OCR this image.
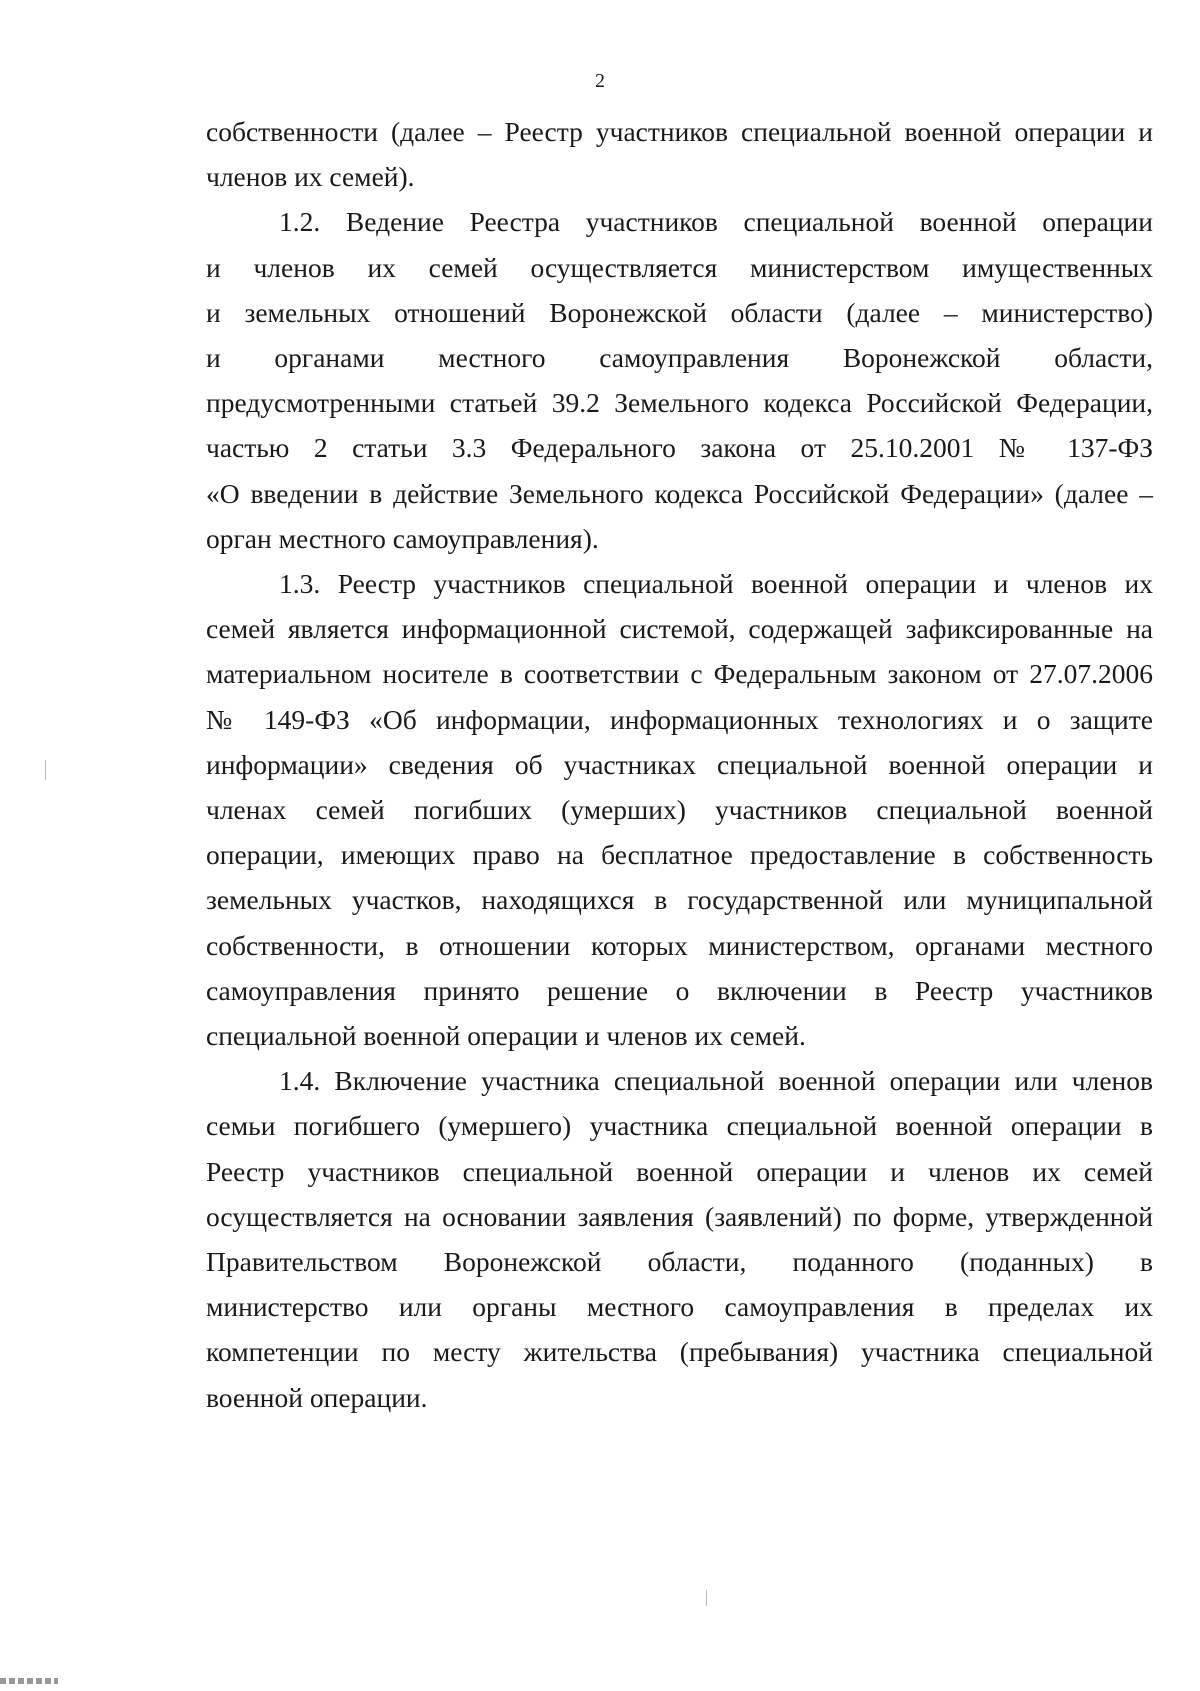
2
собственности (далее – Реестр участников специальной военной операции и
членов их семей).
1.2. Ведение Реестра участников специальной военной операции
и членов их семей осуществляется министерством имущественных
и земельных отношений Воронежской области (далее – министерство)
и органами местного самоуправления Воронежской области,
предусмотренными статьей 39.2 Земельного кодекса Российской Федерации,
частью 2 статьи 3.3 Федерального закона от 25.10.2001 № 137-ФЗ
«О введении в действие Земельного кодекса Российской Федерации» (далее –
орган местного самоуправления).
1.3. Реестр участников специальной военной операции и членов их
семей является информационной системой, содержащей зафиксированные на
материальном носителе в соответствии с Федеральным законом от 27.07.2006
№ 149-ФЗ «Об информации, информационных технологиях и о защите
информации» сведения об участниках специальной военной операции и
членах семей погибших (умерших) участников специальной военной
операции, имеющих право на бесплатное предоставление в собственность
земельных участков, находящихся в государственной или муниципальной
собственности, в отношении которых министерством, органами местного
самоуправления принято решение о включении в Реестр участников
специальной военной операции и членов их семей.
1.4. Включение участника специальной военной операции или членов
семьи погибшего (умершего) участника специальной военной операции в
Реестр участников специальной военной операции и членов их семей
осуществляется на основании заявления (заявлений) по форме, утвержденной
Правительством Воронежской области, поданного (поданных) в
министерство или органы местного самоуправления в пределах их
компетенции по месту жительства (пребывания) участника специальной
военной операции.
